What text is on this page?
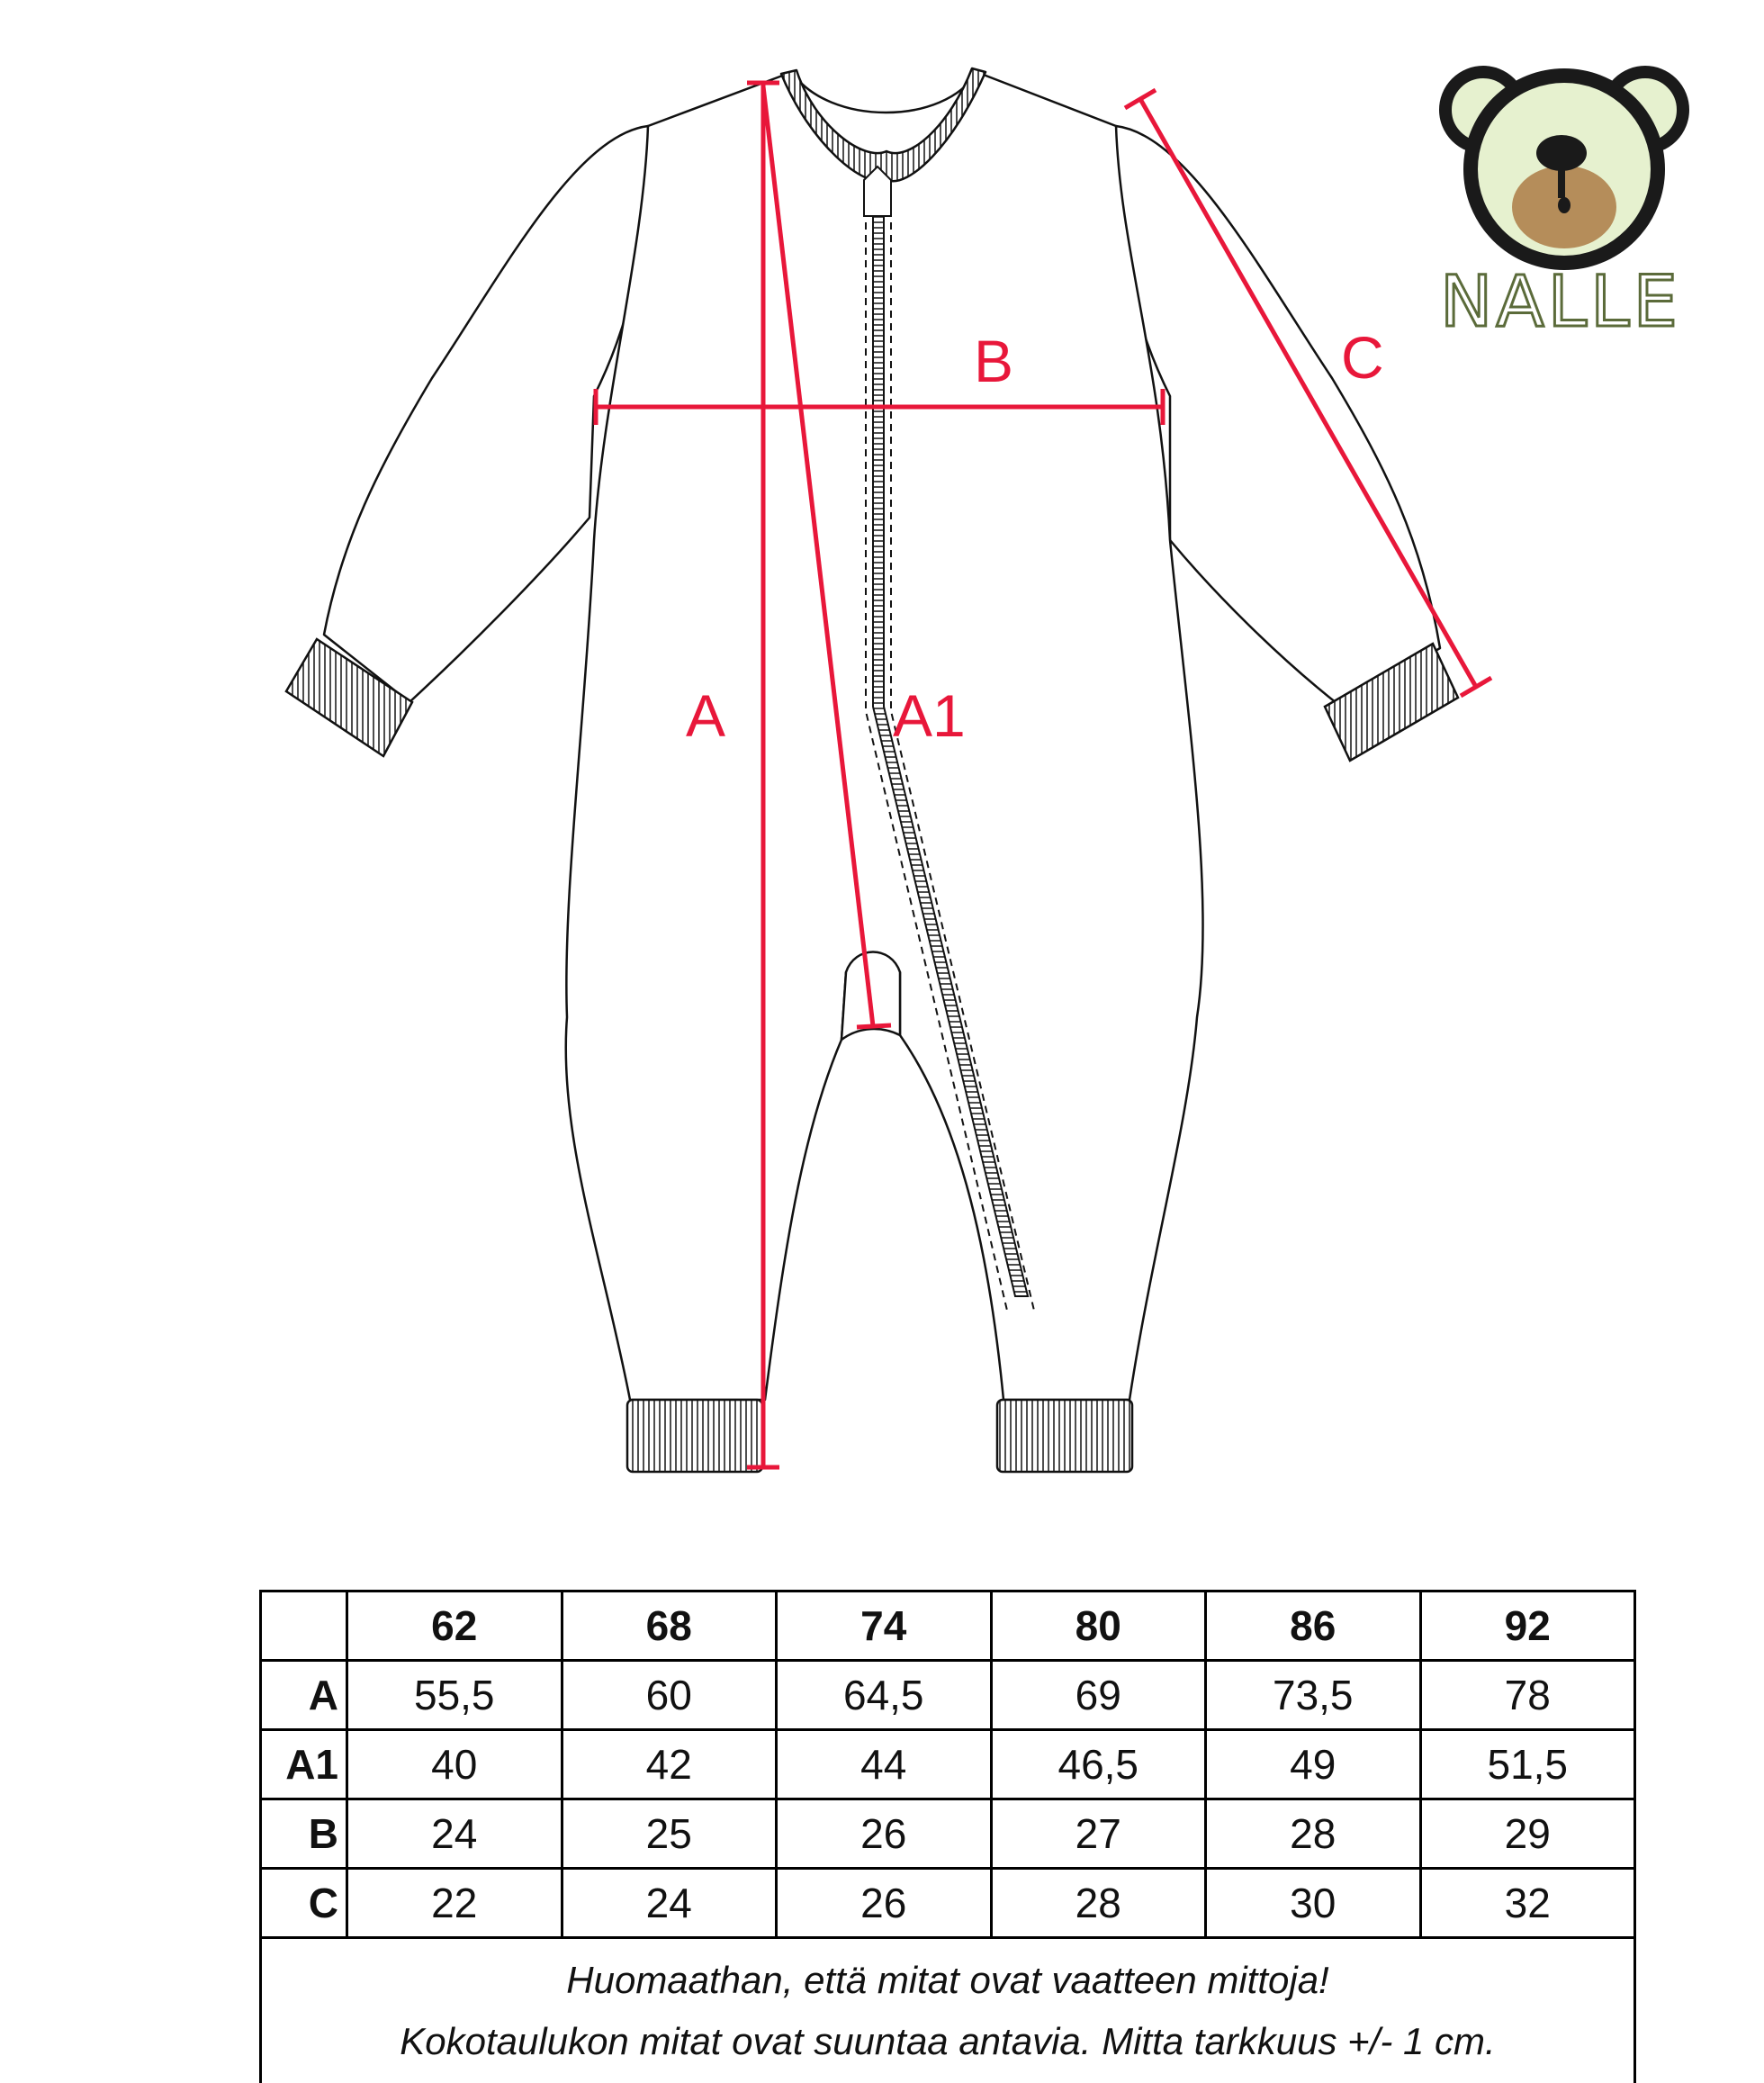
A	A1
B	C
NALLE
	62	68	74	80	86	92
A	55,5	60	64,5	69	73,5	78
A1	40	42	44	46,5	49	51,5
B	24	25	26	27	28	29
C	22	24	26	28	30	32

Huomaathan, että mitat ovat vaatteen mittoja!
Kokotaulukon mitat ovat suuntaa antavia. Mitta tarkkuus +/- 1 cm.						
